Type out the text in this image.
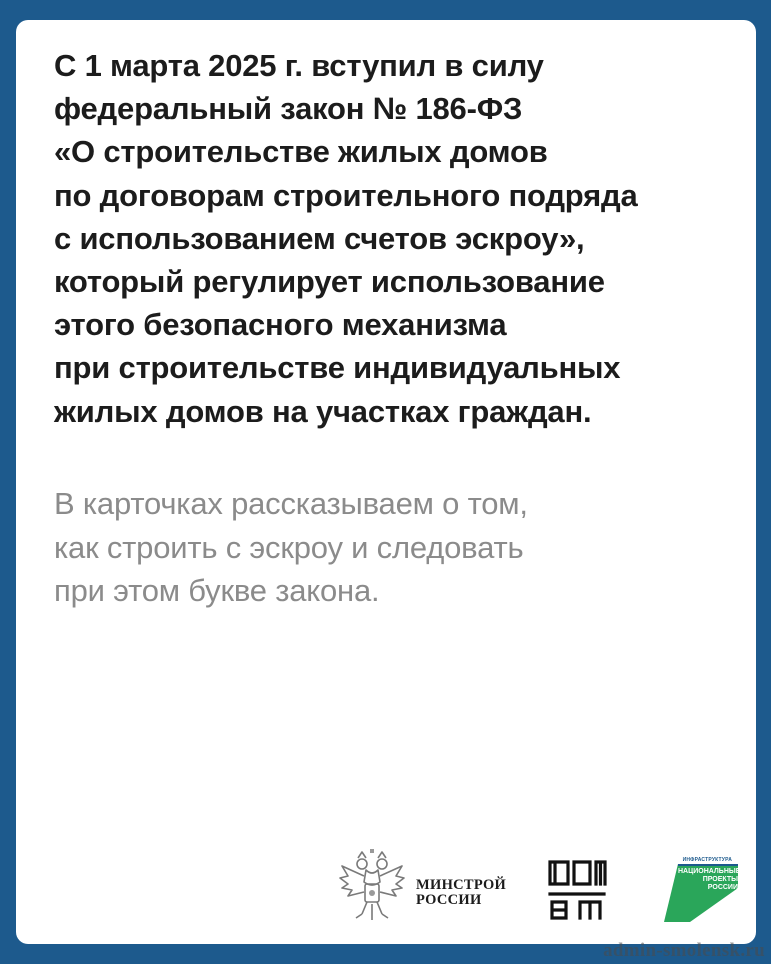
С 1 марта 2025 г. вступил в силу
федеральный закон № 186-ФЗ
«О строительстве жилых домов
по договорам строительного подряда
с использованием счетов эскроу»,
который регулирует использование
этого безопасного механизма
при строительстве индивидуальных
жилых домов на участках граждан.

В карточках рассказываем о том,
как строить с эскроу и следовать
при этом букве закона.

МИНСТРОЙ
РОССИИ
ИНФРАСТРУКТУРА
НАЦИОНАЛЬНЫЕ
ПРОЕКТЫ
РОССИИ
admin-smolensk.ru
